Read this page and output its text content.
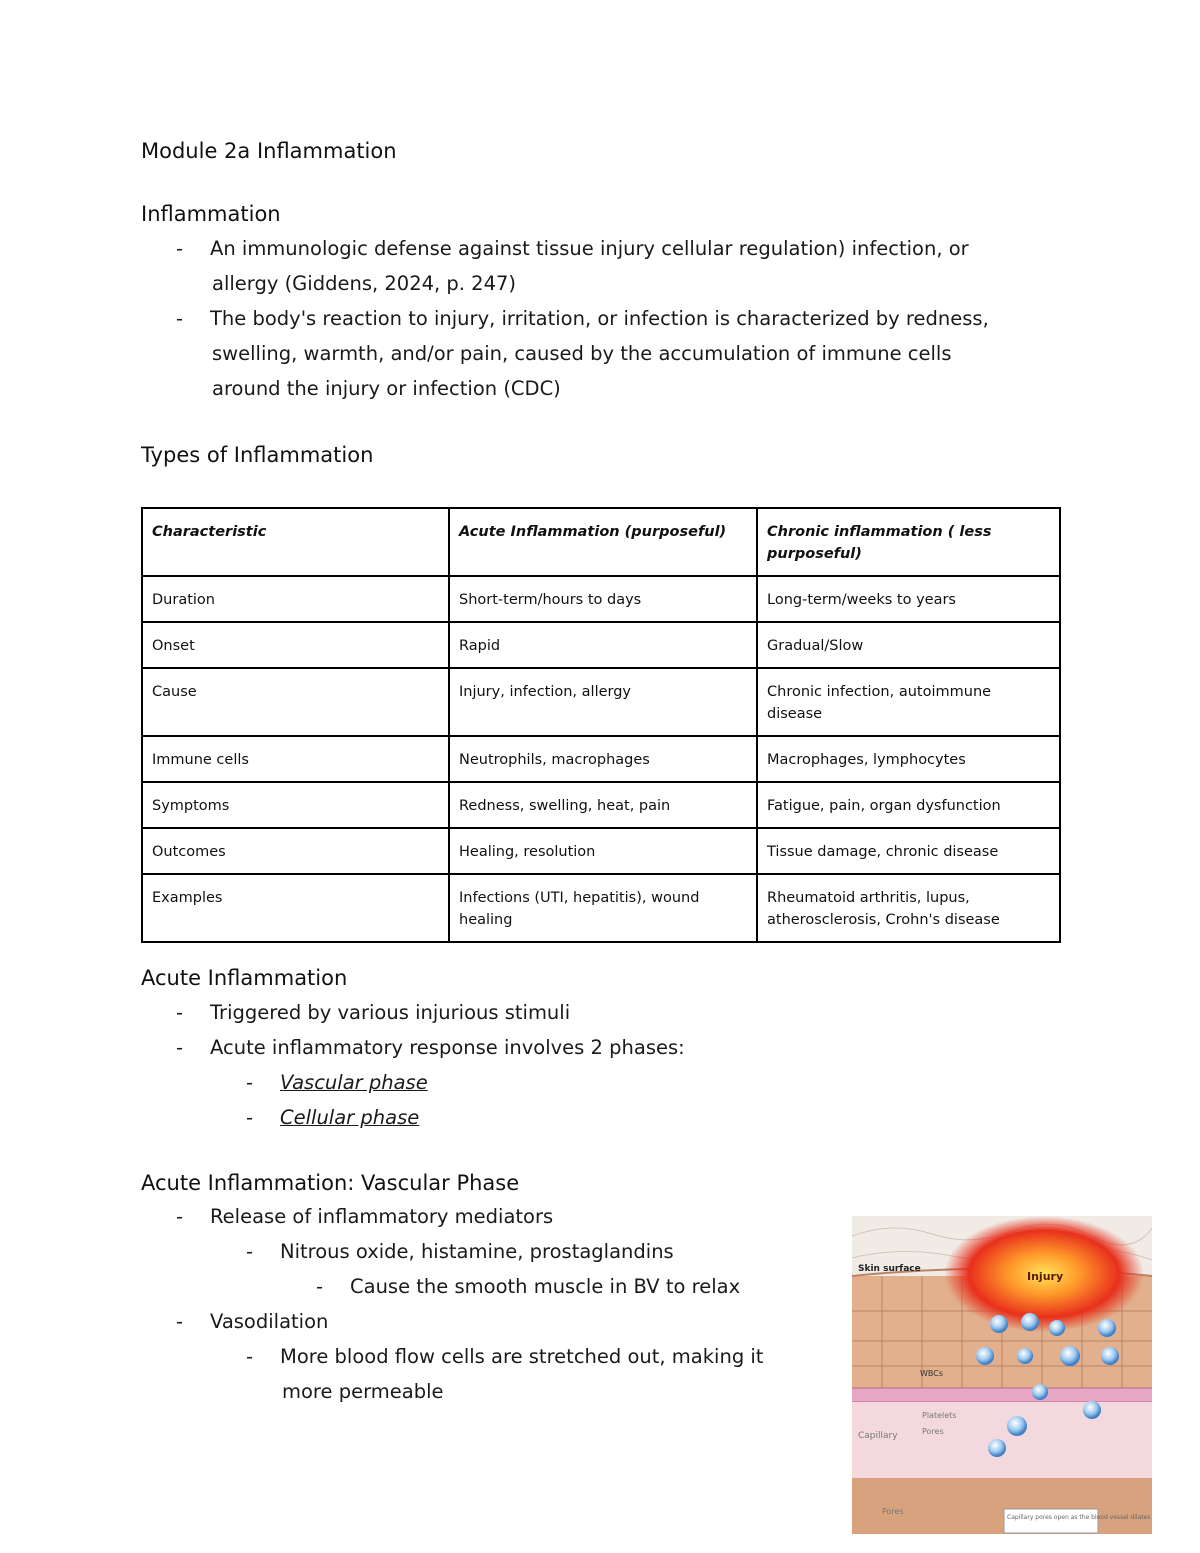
Module 2a Inflammation
Inflammation
- An immunologic defense against tissue injury cellular regulation) infection, or
allergy (Giddens, 2024, p. 247)
- The body's reaction to injury, irritation, or infection is characterized by redness,
swelling, warmth, and/or pain, caused by the accumulation of immune cells
around the injury or infection (CDC)
Types of Inflammation
Characteristic	Acute Inflammation (purposeful)	Chronic inflammation ( less purposeful)
Duration	Short-term/hours to days	Long-term/weeks to years
Onset	Rapid	Gradual/Slow
Cause	Injury, infection, allergy	Chronic infection, autoimmune disease
Immune cells	Neutrophils, macrophages	Macrophages, lymphocytes
Symptoms	Redness, swelling, heat, pain	Fatigue, pain, organ dysfunction
Outcomes	Healing, resolution	Tissue damage, chronic disease
Examples	Infections (UTI, hepatitis), wound healing	Rheumatoid arthritis, lupus, atherosclerosis, Crohn's disease
Acute Inflammation
- Triggered by various injurious stimuli
- Acute inflammatory response involves 2 phases:
- Vascular phase
- Cellular phase
Acute Inflammation: Vascular Phase
- Release of inflammatory mediators
- Nitrous oxide, histamine, prostaglandins
- Cause the smooth muscle in BV to relax
- Vasodilation
- More blood flow cells are stretched out, making it
more permeable
Injury
Skin surface
WBCs
Platelets
Pores
Capillary
Pores
Capillary pores open as the blood vessel dilates
